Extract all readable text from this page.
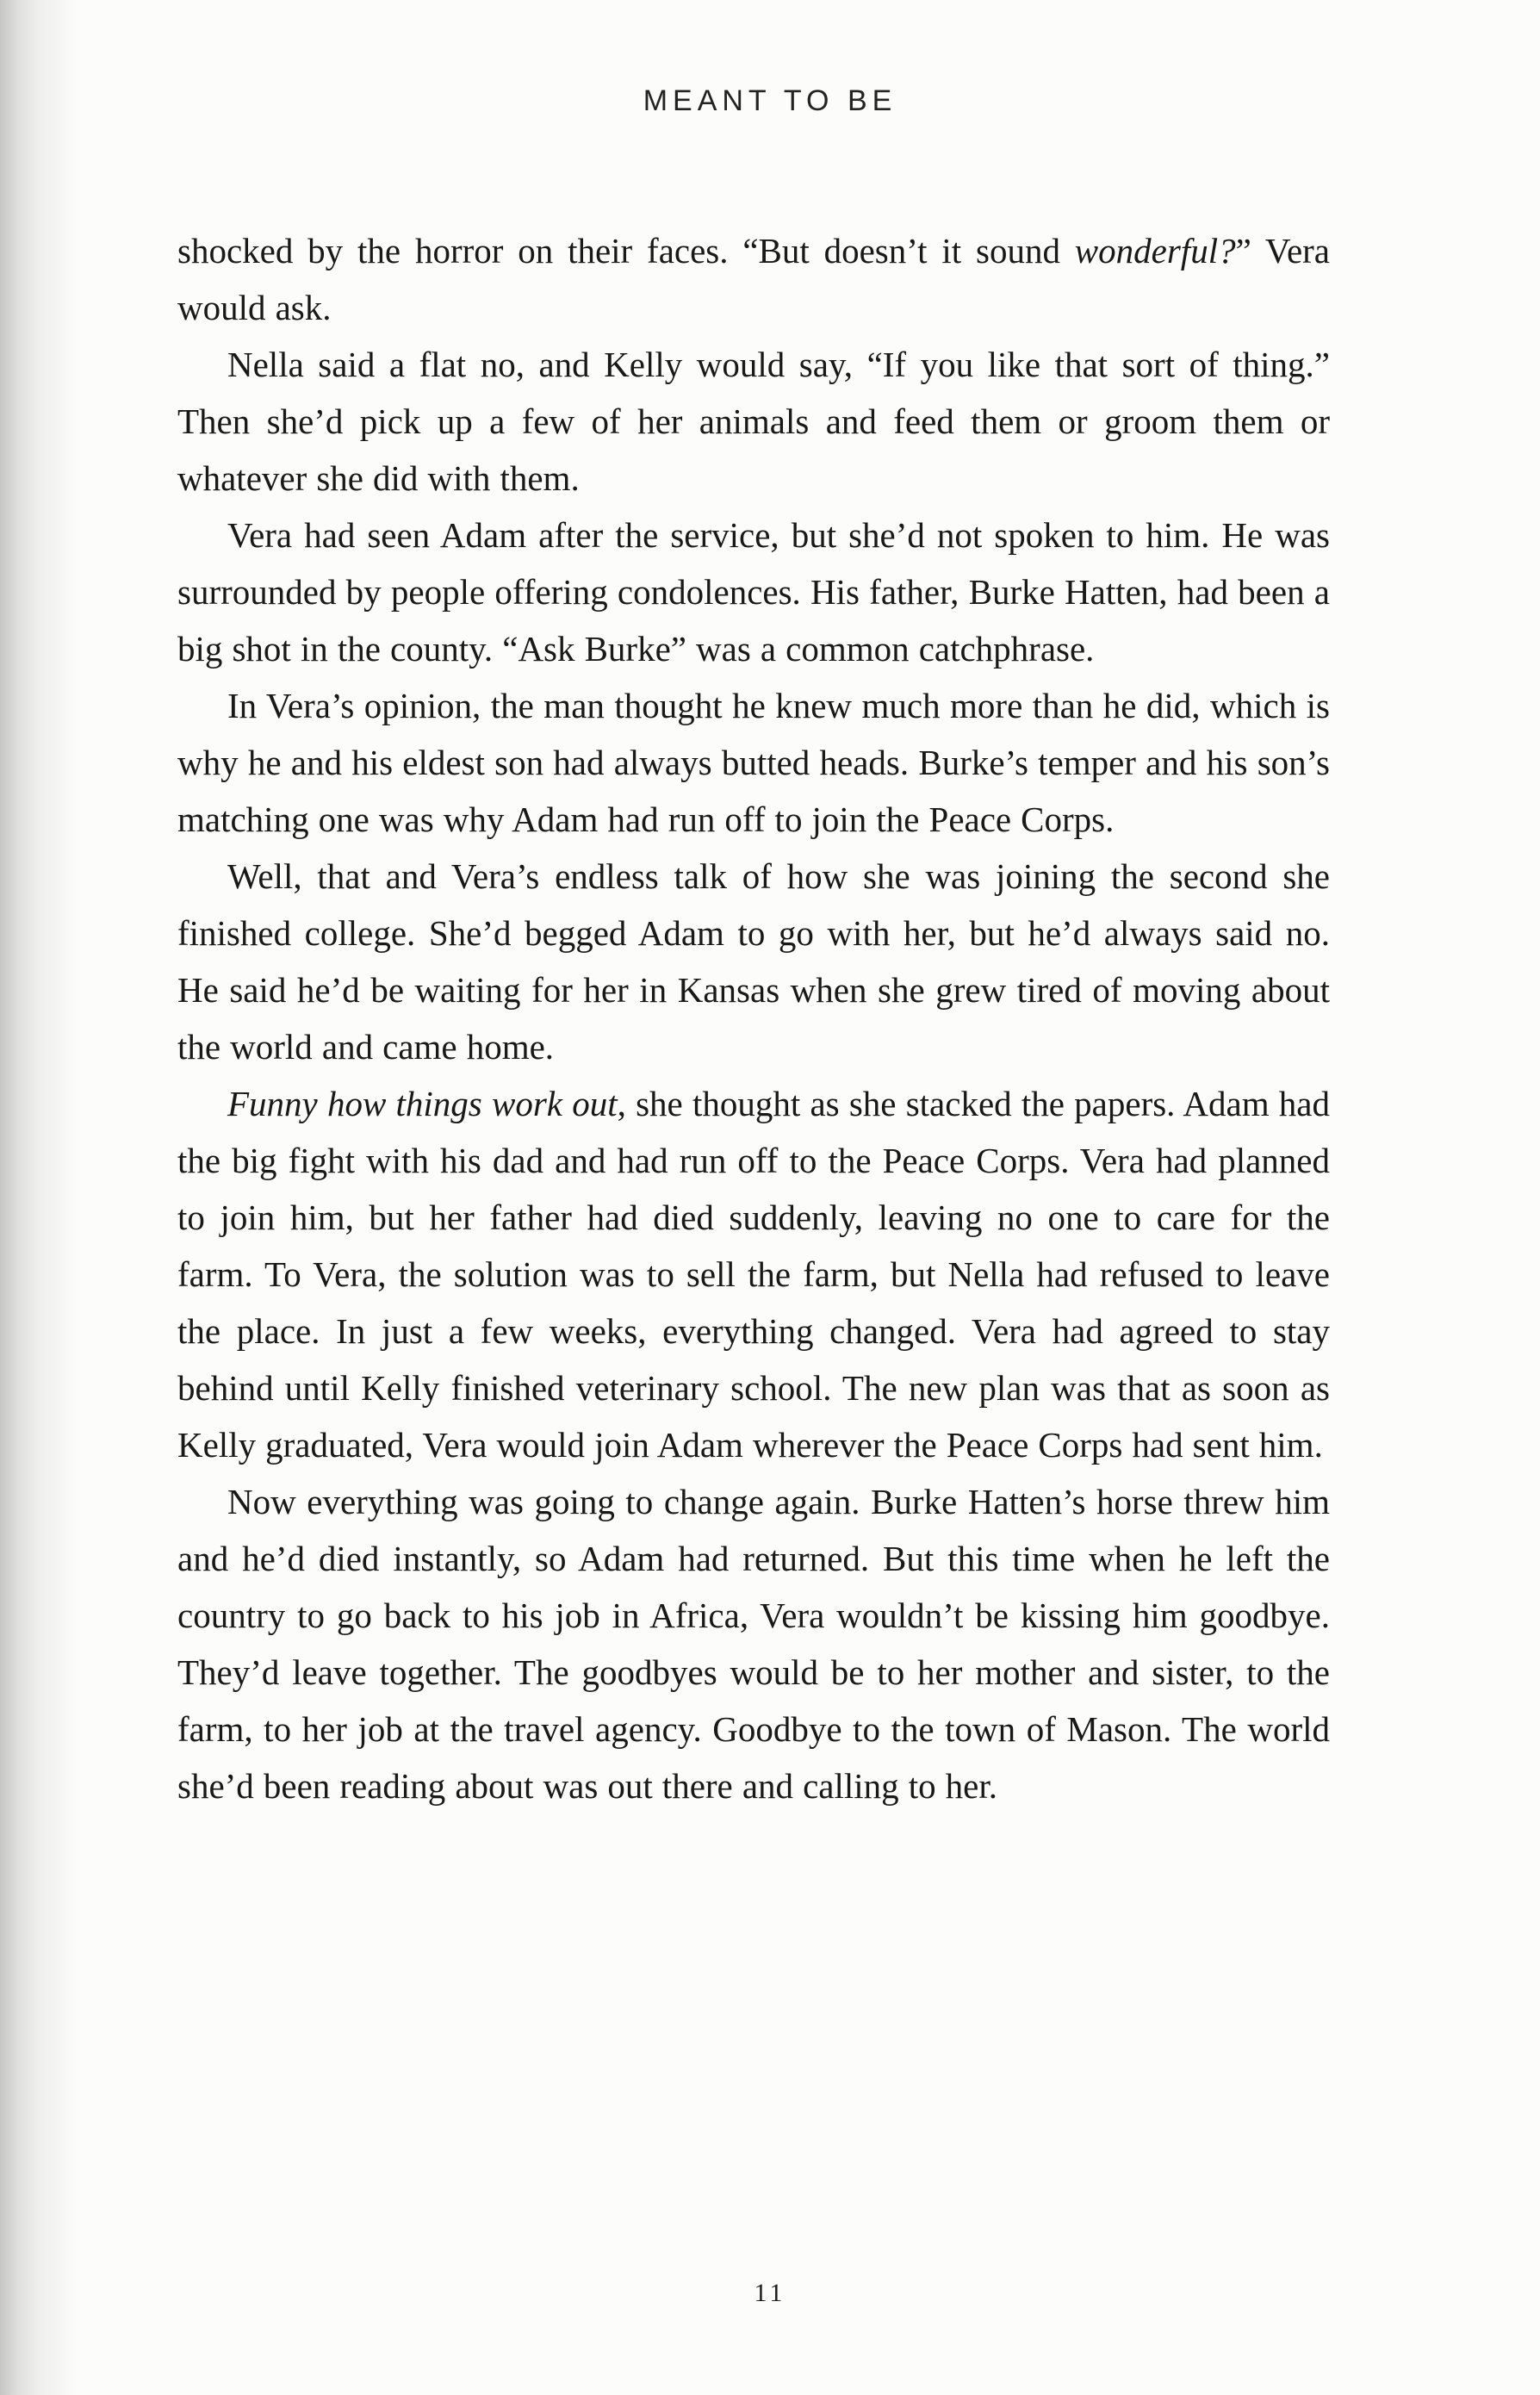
MEANT TO BE

shocked by the horror on their faces. “But doesn’t it sound wonderful?” Vera would ask.

Nella said a flat no, and Kelly would say, “If you like that sort of thing.” Then she’d pick up a few of her animals and feed them or groom them or whatever she did with them.

Vera had seen Adam after the service, but she’d not spoken to him. He was surrounded by people offering condolences. His father, Burke Hatten, had been a big shot in the county. “Ask Burke” was a common catchphrase.

In Vera’s opinion, the man thought he knew much more than he did, which is why he and his eldest son had always butted heads. Burke’s temper and his son’s matching one was why Adam had run off to join the Peace Corps.

Well, that and Vera’s endless talk of how she was joining the second she finished college. She’d begged Adam to go with her, but he’d always said no. He said he’d be waiting for her in Kansas when she grew tired of moving about the world and came home.

Funny how things work out, she thought as she stacked the papers. Adam had the big fight with his dad and had run off to the Peace Corps. Vera had planned to join him, but her father had died suddenly, leaving no one to care for the farm. To Vera, the solution was to sell the farm, but Nella had refused to leave the place. In just a few weeks, everything changed. Vera had agreed to stay behind until Kelly finished veterinary school. The new plan was that as soon as Kelly graduated, Vera would join Adam wherever the Peace Corps had sent him.

Now everything was going to change again. Burke Hatten’s horse threw him and he’d died instantly, so Adam had returned. But this time when he left the country to go back to his job in Africa, Vera wouldn’t be kissing him goodbye. They’d leave together. The goodbyes would be to her mother and sister, to the farm, to her job at the travel agency. Goodbye to the town of Mason. The world she’d been reading about was out there and calling to her.

11
